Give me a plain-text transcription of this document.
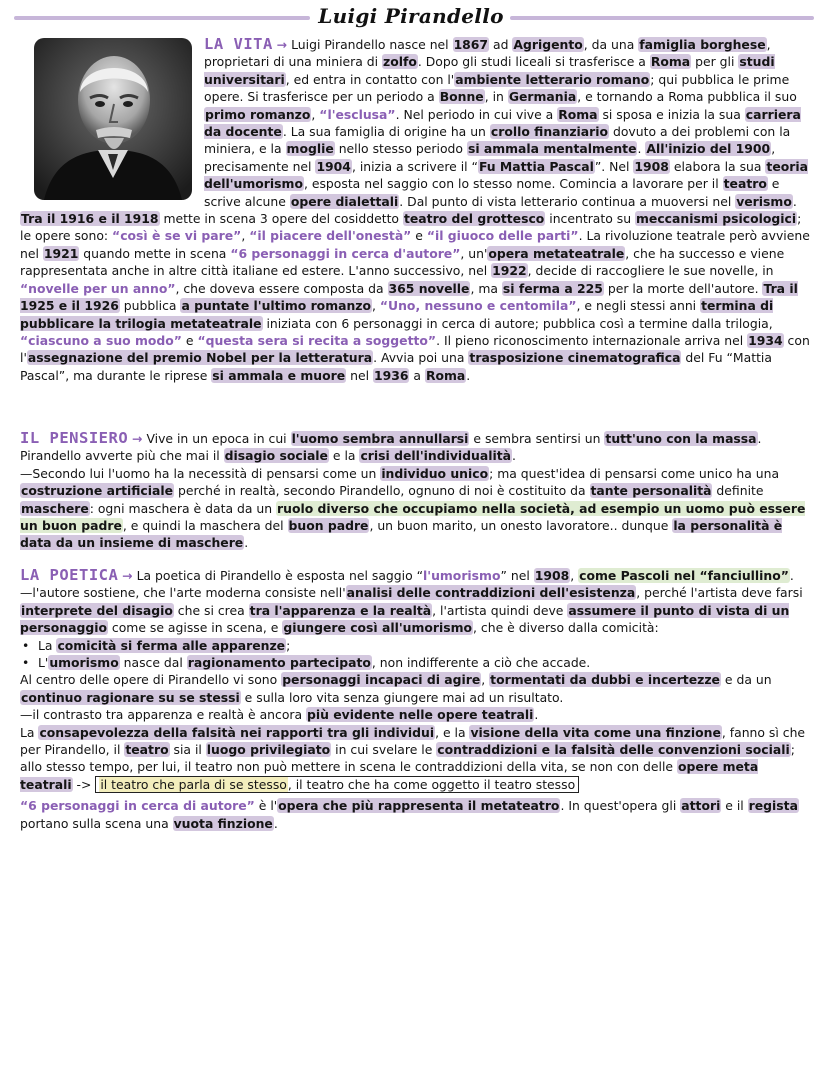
Luigi Pirandello

LA VITA →
Luigi Pirandello nasce nel 1867 ad Agrigento, da una famiglia borghese, proprietari di una miniera di zolfo. Dopo gli studi liceali si trasferisce a Roma per gli studi universitari, ed entra in contatto con l'ambiente letterario romano; qui pubblica le prime opere. Si trasferisce per un periodo a Bonne, in Germania, e tornando a Roma pubblica il suo primo romanzo, “l'esclusa”. Nel periodo in cui vive a Roma si sposa e inizia la sua carriera da docente. La sua famiglia di origine ha un crollo finanziario dovuto a dei problemi con la miniera, e la moglie nello stesso periodo si ammala mentalmente. All'inizio del 1900, precisamente nel 1904, inizia a scrivere il “Fu Mattia Pascal”. Nel 1908 elabora la sua teoria dell'umorismo, esposta nel saggio con lo stesso nome. Comincia a lavorare per il teatro e scrive alcune opere dialettali. Dal punto di vista letterario continua a muoversi nel verismo. Tra il 1916 e il 1918 mette in scena 3 opere del cosiddetto teatro del grottesco incentrato su meccanismi psicologici; le opere sono: “così è se vi pare”, “il piacere dell'onestà” e “il giuoco delle parti”. La rivoluzione teatrale però avviene nel 1921 quando mette in scena “6 personaggi in cerca d'autore”, un'opera metateatrale, che ha successo e viene rappresentata anche in altre città italiane ed estere. L'anno successivo, nel 1922, decide di raccogliere le sue novelle, in “novelle per un anno”, che doveva essere composta da 365 novelle, ma si ferma a 225 per la morte dell'autore. Tra il 1925 e il 1926 pubblica a puntate l'ultimo romanzo, “Uno, nessuno e centomila”, e negli stessi anni termina di pubblicare la trilogia metateatrale iniziata con 6 personaggi in cerca di autore; pubblica così a termine dalla trilogia, “ciascuno a suo modo” e “questa sera si recita a soggetto”. Il pieno riconoscimento internazionale arriva nel 1934 con l'assegnazione del premio Nobel per la letteratura. Avvia poi una trasposizione cinematografica del Fu “Mattia Pascal”, ma durante le riprese si ammala e muore nel 1936 a Roma.

IL PENSIERO → Vive in un epoca in cui l'uomo sembra annullarsi e sembra sentirsi un tutt'uno con la massa. Pirandello avverte più che mai il disagio sociale e la crisi dell'individualità.

—Secondo lui l'uomo ha la necessità di pensarsi come un individuo unico; ma quest'idea di pensarsi come unico ha una costruzione artificiale perché in realtà, secondo Pirandello, ognuno di noi è costituito da tante personalità definite maschere: ogni maschera è data da un ruolo diverso che occupiamo nella società, ad esempio un uomo può essere un buon padre, e quindi la maschera del buon padre, un buon marito, un onesto lavoratore.. dunque la personalità è data da un insieme di maschere.

LA POETICA → La poetica di Pirandello è esposta nel saggio “l'umorismo” nel 1908, come Pascoli nel “fanciullino”.

—l'autore sostiene, che l'arte moderna consiste nell'analisi delle contraddizioni dell'esistenza, perché l'artista deve farsi interprete del disagio che si crea tra l'apparenza e la realtà, l'artista quindi deve assumere il punto di vista di un personaggio come se agisse in scena, e giungere così all'umorismo, che è diverso dalla comicità:

• La comicità si ferma alle apparenze;
• L'umorismo nasce dal ragionamento partecipato, non indifferente a ciò che accade.

Al centro delle opere di Pirandello vi sono personaggi incapaci di agire, tormentati da dubbi e incertezze e da un continuo ragionare su se stessi e sulla loro vita senza giungere mai ad un risultato.

—il contrasto tra apparenza e realtà è ancora più evidente nelle opere teatrali.

La consapevolezza della falsità nei rapporti tra gli individui, e la visione della vita come una finzione, fanno sì che per Pirandello, il teatro sia il luogo privilegiato in cui svelare le contraddizioni e la falsità delle convenzioni sociali; allo stesso tempo, per lui, il teatro non può mettere in scena le contraddizioni della vita, se non con delle opere meta teatrali -> il teatro che parla di se stesso, il teatro che ha come oggetto il teatro stesso

“6 personaggi in cerca di autore” è l'opera che più rappresenta il metateatro. In quest'opera gli attori e il regista portano sulla scena una vuota finzione.
